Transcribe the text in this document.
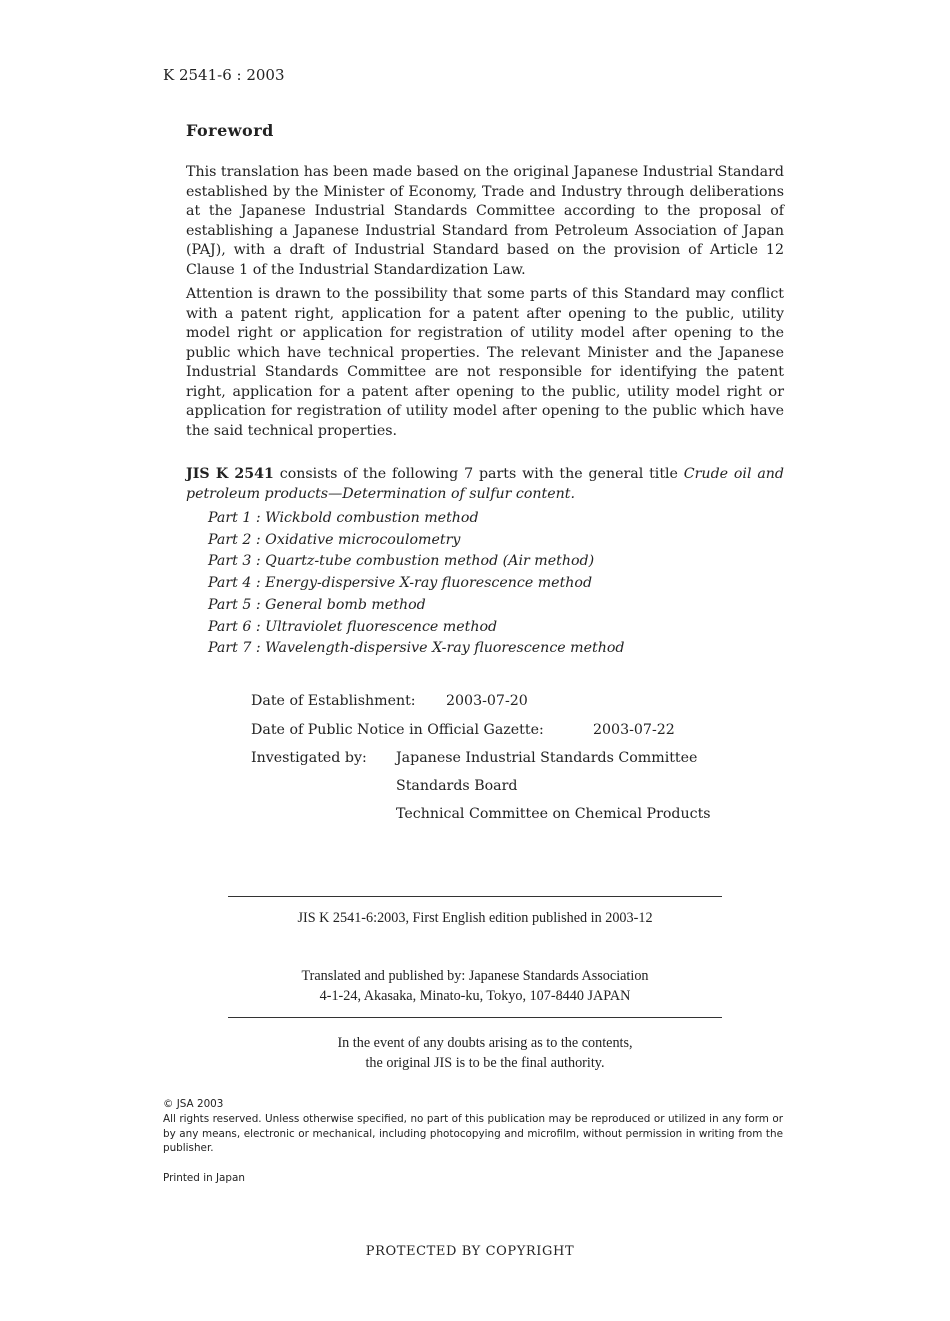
K 2541-6 : 2003
Foreword
This translation has been made based on the original Japanese Industrial Standard established by the Minister of Economy, Trade and Industry through deliberations at the Japanese Industrial Standards Committee according to the proposal of establishing a Japanese Industrial Standard from Petroleum Association of Japan (PAJ), with a draft of Industrial Standard based on the provision of Article 12 Clause 1 of the Industrial Standardization Law.
Attention is drawn to the possibility that some parts of this Standard may conflict with a patent right, application for a patent after opening to the public, utility model right or application for registration of utility model after opening to the public which have technical properties. The relevant Minister and the Japanese Industrial Standards Committee are not responsible for identifying the patent right, application for a patent after opening to the public, utility model right or application for registration of utility model after opening to the public which have the said technical properties.
JIS K 2541 consists of the following 7 parts with the general title Crude oil and petroleum products—Determination of sulfur content.
Part 1 : Wickbold combustion method
Part 2 : Oxidative microcoulometry
Part 3 : Quartz-tube combustion method (Air method)
Part 4 : Energy-dispersive X-ray fluorescence method
Part 5 : General bomb method
Part 6 : Ultraviolet fluorescence method
Part 7 : Wavelength-dispersive X-ray fluorescence method
Date of Establishment: 2003-07-20
Date of Public Notice in Official Gazette:	2003-07-22
Investigated by: Japanese Industrial Standards Committee
Standards Board
Technical Committee on Chemical Products
JIS K 2541-6:2003, First English edition published in 2003-12
Translated and published by: Japanese Standards Association
4-1-24, Akasaka, Minato-ku, Tokyo, 107-8440 JAPAN
In the event of any doubts arising as to the contents,
the original JIS is to be the final authority.
© JSA 2003
All rights reserved. Unless otherwise specified, no part of this publication may be reproduced or utilized in any form or by any means, electronic or mechanical, including photocopying and microfilm, without permission in writing from the publisher.
Printed in Japan
PROTECTED BY COPYRIGHT
